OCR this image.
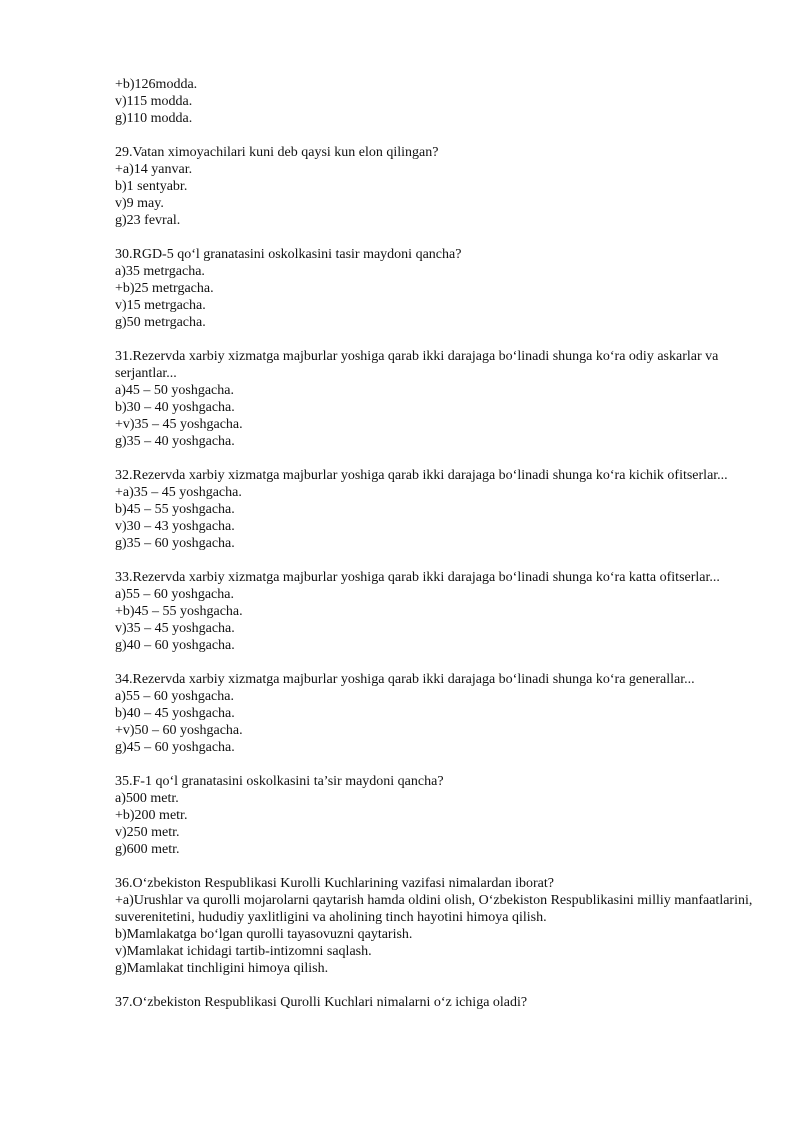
+b)126modda.

v)115 modda.

g)110 modda.

29.Vatan ximoyachilari kuni deb qaysi kun elon qilingan?

+a)14 yanvar.

b)1 sentyabr.

v)9 may.

g)23 fevral.

30.RGD-5 qo‘l granatasini oskolkasini tasir maydoni qancha?

a)35 metrgacha.

+b)25 metrgacha.

v)15 metrgacha.

g)50 metrgacha.

31.Rezervda xarbiy xizmatga majburlar yoshiga qarab ikki darajaga bo‘linadi shunga ko‘ra odiy askarlar va serjantlar...

a)45 – 50 yoshgacha.

b)30 – 40 yoshgacha.

+v)35 – 45 yoshgacha.

g)35 – 40 yoshgacha.

32.Rezervda xarbiy xizmatga majburlar yoshiga qarab ikki darajaga bo‘linadi shunga ko‘ra kichik ofitserlar...

+a)35 – 45 yoshgacha.

b)45 – 55 yoshgacha.

v)30 – 43 yoshgacha.

g)35 – 60 yoshgacha.

33.Rezervda xarbiy xizmatga majburlar yoshiga qarab ikki darajaga bo‘linadi shunga ko‘ra katta ofitserlar...

a)55 – 60 yoshgacha.

+b)45 – 55 yoshgacha.

v)35 – 45 yoshgacha.

g)40 – 60 yoshgacha.

34.Rezervda xarbiy xizmatga majburlar yoshiga qarab ikki darajaga bo‘linadi shunga ko‘ra generallar...

a)55 – 60 yoshgacha.

b)40 – 45 yoshgacha.

+v)50 – 60 yoshgacha.

g)45 – 60 yoshgacha.

35.F-1 qo‘l granatasini oskolkasini ta’sir maydoni qancha?

a)500 metr.

+b)200 metr.

v)250 metr.

g)600 metr.

36.O‘zbekiston Respublikasi Kurolli Kuchlarining vazifasi nimalardan iborat?

+a)Urushlar va qurolli mojarolarni qaytarish hamda oldini olish, O‘zbekiston Respublikasini milliy manfaatlarini, suverenitetini, hududiy yaxlitligini va aholining tinch hayotini himoya qilish.

b)Mamlakatga bo‘lgan qurolli tayasovuzni qaytarish.

v)Mamlakat ichidagi tartib-intizomni saqlash.

g)Mamlakat tinchligini himoya qilish.

37.O‘zbekiston Respublikasi Qurolli Kuchlari nimalarni o‘z ichiga oladi?
